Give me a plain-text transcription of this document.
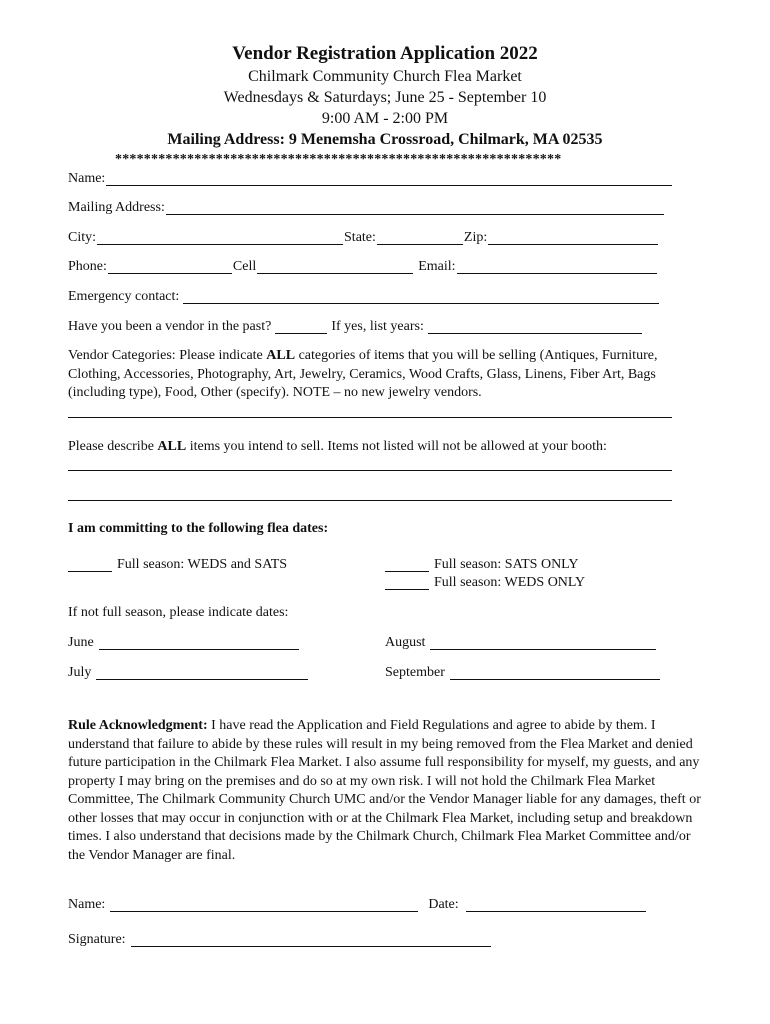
Vendor Registration Application 2022
Chilmark Community Church Flea Market
Wednesdays & Saturdays; June 25 - September 10
9:00 AM - 2:00 PM
Mailing Address: 9 Menemsha Crossroad, Chilmark, MA 02535
**************************************************************
Name:
Mailing Address:
City:	State:	Zip:
Phone:	Cell	Email:
Emergency contact:
Have you been a vendor in the past?	If yes, list years:
Vendor Categories: Please indicate ALL categories of items that you will be selling (Antiques, Furniture, Clothing, Accessories, Photography, Art, Jewelry, Ceramics, Wood Crafts, Glass, Linens, Fiber Art, Bags (including type), Food, Other (specify). NOTE – no new jewelry vendors.
Please describe ALL items you intend to sell. Items not listed will not be allowed at your booth:
I am committing to the following flea dates:
Full season: WEDS and SATS	Full season: SATS ONLY
Full season: WEDS ONLY
If not full season, please indicate dates:
June	August
July	September
Rule Acknowledgment: I have read the Application and Field Regulations and agree to abide by them. I understand that failure to abide by these rules will result in my being removed from the Flea Market and denied future participation in the Chilmark Flea Market. I also assume full responsibility for myself, my guests, and any property I may bring on the premises and do so at my own risk. I will not hold the Chilmark Flea Market Committee, The Chilmark Community Church UMC and/or the Vendor Manager liable for any damages, theft or other losses that may occur in conjunction with or at the Chilmark Flea Market, including setup and breakdown times. I also understand that decisions made by the Chilmark Church, Chilmark Flea Market Committee and/or the Vendor Manager are final.
Name:	Date:
Signature:
